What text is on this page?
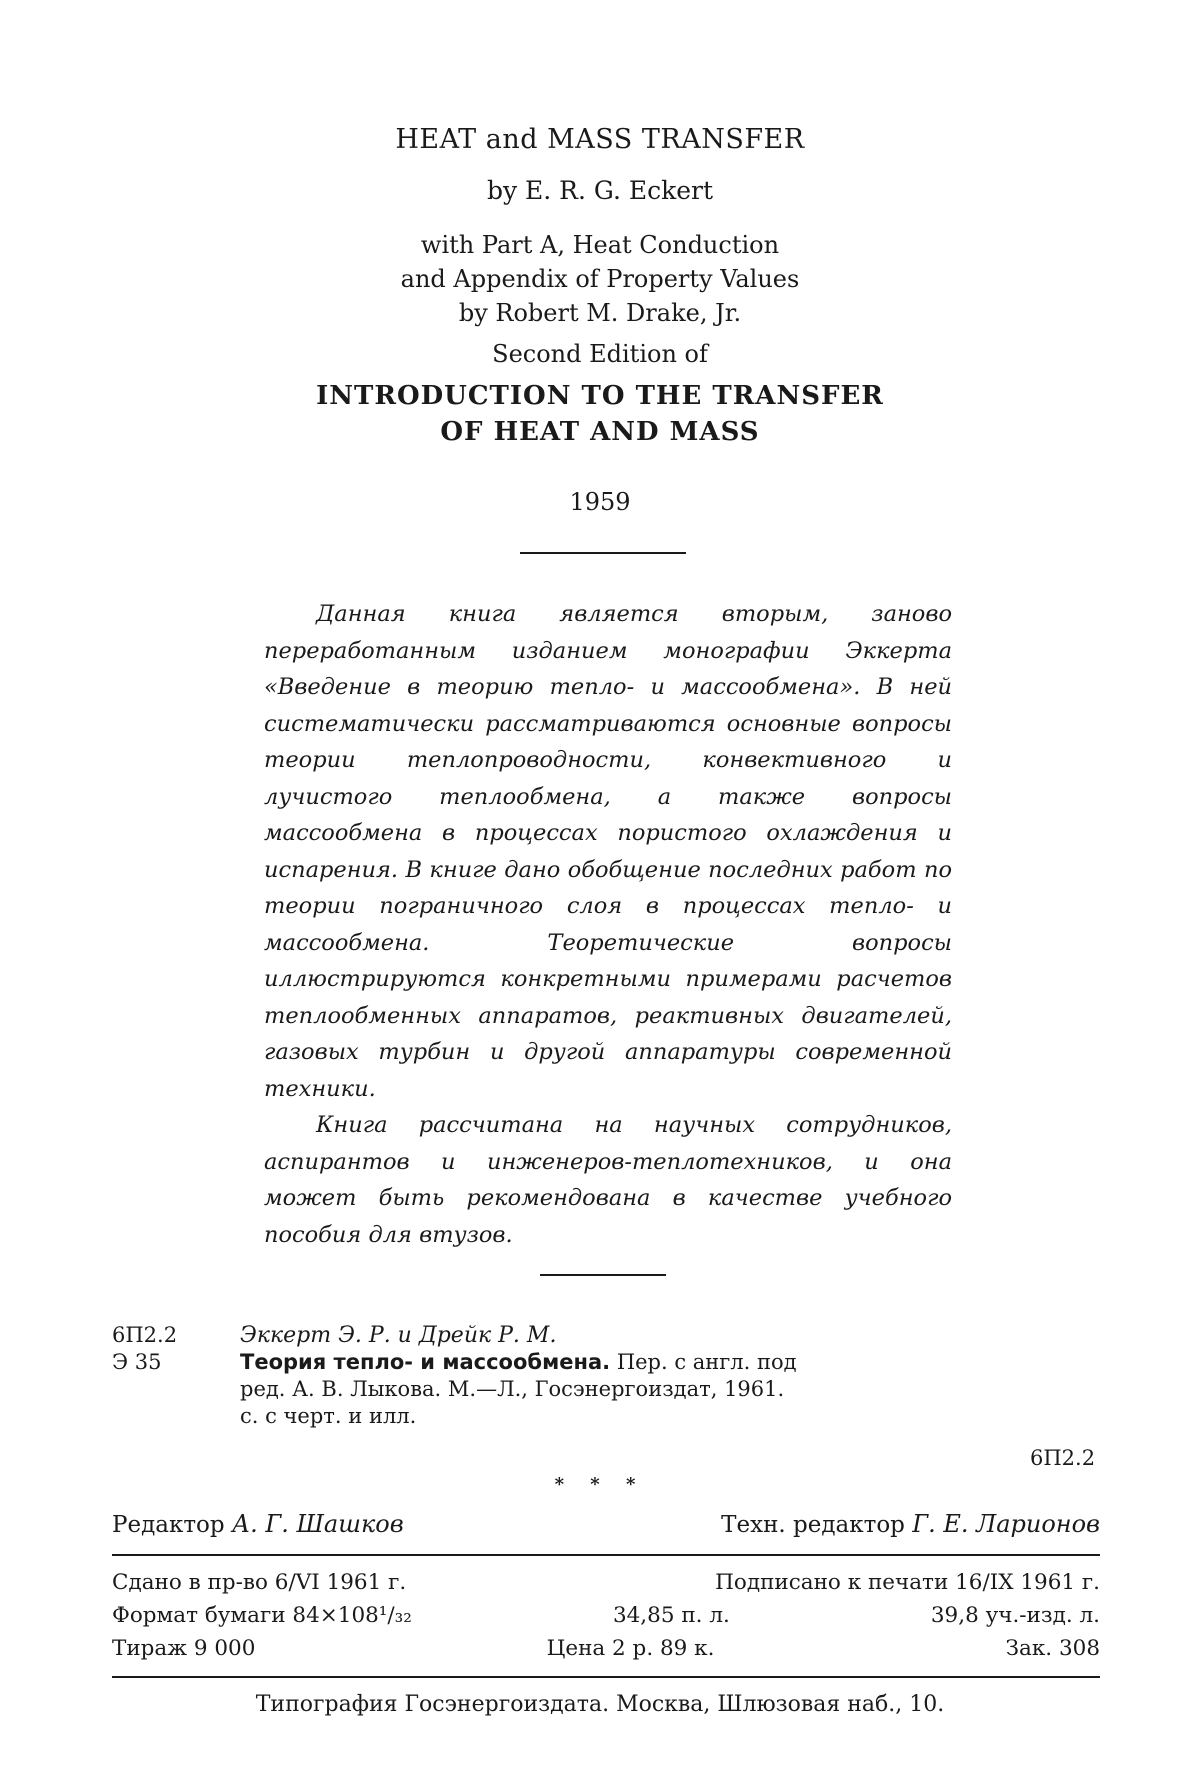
HEAT and MASS TRANSFER
by E. R. G. Eckert
with Part A, Heat Conduction
and Appendix of Property Values
by Robert M. Drake, Jr.
Second Edition of
INTRODUCTION TO THE TRANSFER
OF HEAT AND MASS
1959

Данная книга является вторым, заново переработанным изданием монографии Эккерта «Введение в теорию тепло- и массообмена». В ней систематически рассматриваются основные вопросы теории теплопроводности, конвективного и лучистого теплообмена, а также вопросы массообмена в процессах пористого охлаждения и испарения. В книге дано обобщение последних работ по теории пограничного слоя в процессах тепло- и массообмена. Теоретические вопросы иллюстрируются конкретными примерами расчетов теплообменных аппаратов, реактивных двигателей, газовых турбин и другой аппаратуры современной техники.

Книга рассчитана на научных сотрудников, аспирантов и инженеров-теплотехников, и она может быть рекомендована в качестве учебного пособия для втузов.

6П2.2	Эккерт Э. Р. и Дрейк Р. М.
Э 35	Теория тепло- и массообмена. Пер. с англ. под
ред. А. В. Лыкова. М.—Л., Госэнергоиздат, 1961.
с. с черт. и илл.
6П2.2
* * *
Редактор А. Г. Шашков	Техн. редактор Г. Е. Ларионов
Сдано в пр-во 6/VI 1961 г.	Подписано к печати 16/IX 1961 г.
Формат бумаги 84×108¹/₃₂	34,85 п. л.	39,8 уч.-изд. л.
Тираж 9 000	Цена 2 р. 89 к.	Зак. 308
Типография Госэнергоиздата. Москва, Шлюзовая наб., 10.
